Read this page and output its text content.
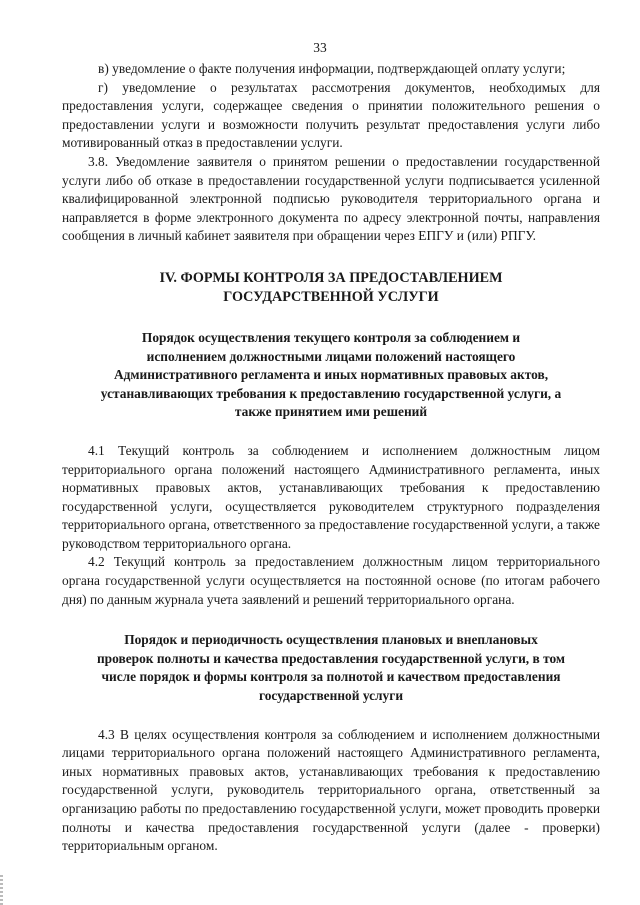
33

в) уведомление о факте получения информации, подтверждающей оплату услуги;

г) уведомление о результатах рассмотрения документов, необходимых для предоставления услуги, содержащее сведения о принятии положительного решения о предоставлении услуги и возможности получить результат предоставления услуги либо мотивированный отказ в предоставлении услуги.

3.8. Уведомление заявителя о принятом решении о предоставлении государственной услуги либо об отказе в предоставлении государственной услуги подписывается усиленной квалифицированной электронной подписью руководителя территориального органа и направляется в форме электронного документа по адресу электронной почты, направления сообщения в личный кабинет заявителя при обращении через ЕПГУ и (или) РПГУ.

IV. ФОРМЫ КОНТРОЛЯ ЗА ПРЕДОСТАВЛЕНИЕМ
ГОСУДАРСТВЕННОЙ УСЛУГИ
Порядок осуществления текущего контроля за соблюдением и
исполнением должностными лицами положений настоящего
Административного регламента и иных нормативных правовых актов,
устанавливающих требования к предоставлению государственной услуги, а
также принятием ими решений

4.1 Текущий контроль за соблюдением и исполнением должностным лицом территориального органа положений настоящего Административного регламента, иных нормативных правовых актов, устанавливающих требования к предоставлению государственной услуги, осуществляется руководителем структурного подразделения территориального органа, ответственного за предоставление государственной услуги, а также руководством территориального органа.

4.2 Текущий контроль за предоставлением должностным лицом территориального органа государственной услуги осуществляется на постоянной основе (по итогам рабочего дня) по данным журнала учета заявлений и решений территориального органа.

Порядок и периодичность осуществления плановых и внеплановых
проверок полноты и качества предоставления государственной услуги, в том
числе порядок и формы контроля за полнотой и качеством предоставления
государственной услуги

4.3 В целях осуществления контроля за соблюдением и исполнением должностными лицами территориального органа положений настоящего Административного регламента, иных нормативных правовых актов, устанавливающих требования к предоставлению государственной услуги, руководитель территориального органа, ответственный за организацию работы по предоставлению государственной услуги, может проводить проверки полноты и качества предоставления государственной услуги (далее - проверки) территориальным органом.
